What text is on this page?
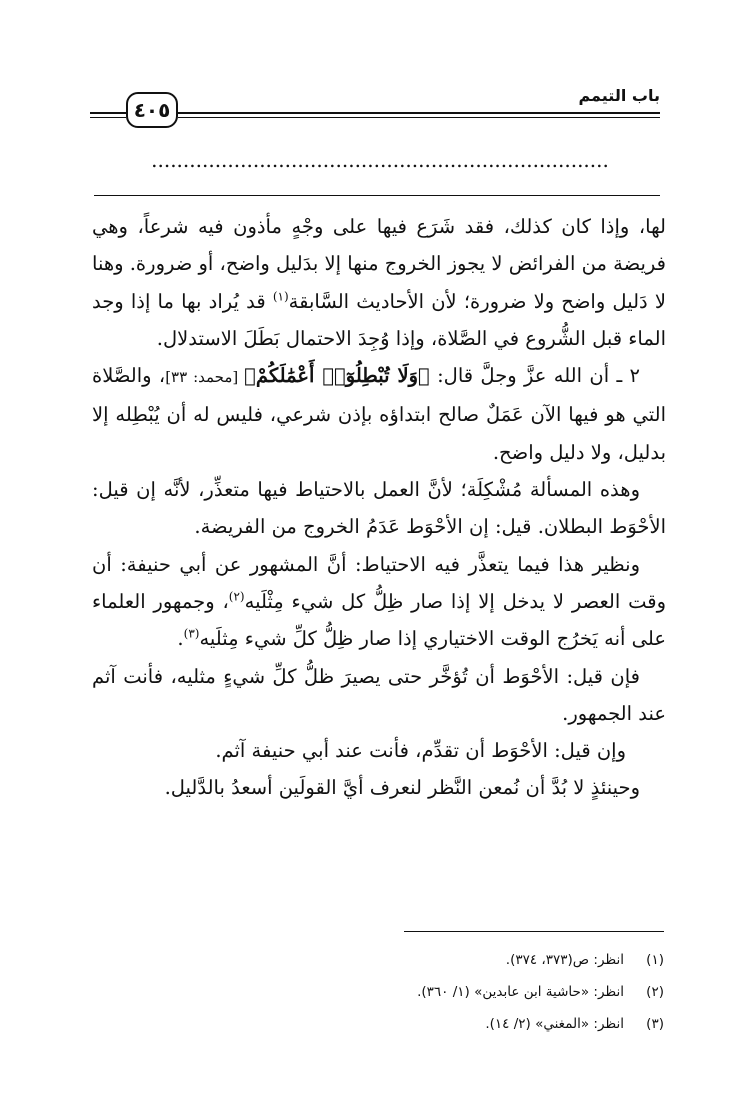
باب التيمم
٤٠٥
........................................................................

لها، وإذا كان كذلك، فقد شَرَع فيها على وجْهٍ مأذون فيه شرعاً، وهي فريضة من الفرائض لا يجوز الخروج منها إلا بدَليل واضح، أو ضرورة. وهنا لا دَليل واضح ولا ضرورة؛ لأن الأحاديث السَّابقة$^{(١)}$ قد يُراد بها ما إذا وجد الماء قبل الشُّروع في الصَّلاة، وإذا وُجِدَ الاحتمال بَطَلَ الاستدلال.

٢ ـ أن الله عزَّ وجلَّ قال: ﴿وَلَا تُبْطِلُوٓا۟ أَعْمَٰلَكُمْ﴾ [محمد: ٣٣]، والصَّلاة التي هو فيها الآن عَمَلٌ صالح ابتداؤه بإذن شرعي، فليس له أن يُبْطِله إلا بدليل، ولا دليل واضح.

وهذه المسألة مُشْكِلَة؛ لأنَّ العمل بالاحتياط فيها متعذِّر، لأنَّه إن قيل: الأحْوَط البطلان. قيل: إن الأحْوَط عَدَمُ الخروج من الفريضة.

ونظير هذا فيما يتعذَّر فيه الاحتياط: أنَّ المشهور عن أبي حنيفة: أن وقت العصر لا يدخل إلا إذا صار ظِلُّ كل شيء مِثْلَيه$^{(٢)}$، وجمهور العلماء على أنه يَخرُج الوقت الاختياري إذا صار ظِلُّ كلِّ شيء مِثلَيه$^{(٣)}$.

فإن قيل: الأحْوَط أن تُؤخَّر حتى يصيرَ ظلُّ كلِّ شيءٍ مثليه، فأنت آثم عند الجمهور.

وإن قيل: الأحْوَط أن تقدِّم، فأنت عند أبي حنيفة آثم.

وحينئذٍ لا بُدَّ أن نُمعن النَّظر لنعرف أيَّ القولَين أسعدُ بالدَّليل.

(١)انظر: ص(٣٧٣، ٣٧٤).
(٢)انظر: «حاشية ابن عابدين» (١/ ٣٦٠).
(٣)انظر: «المغني» (٢/ ١٤).
